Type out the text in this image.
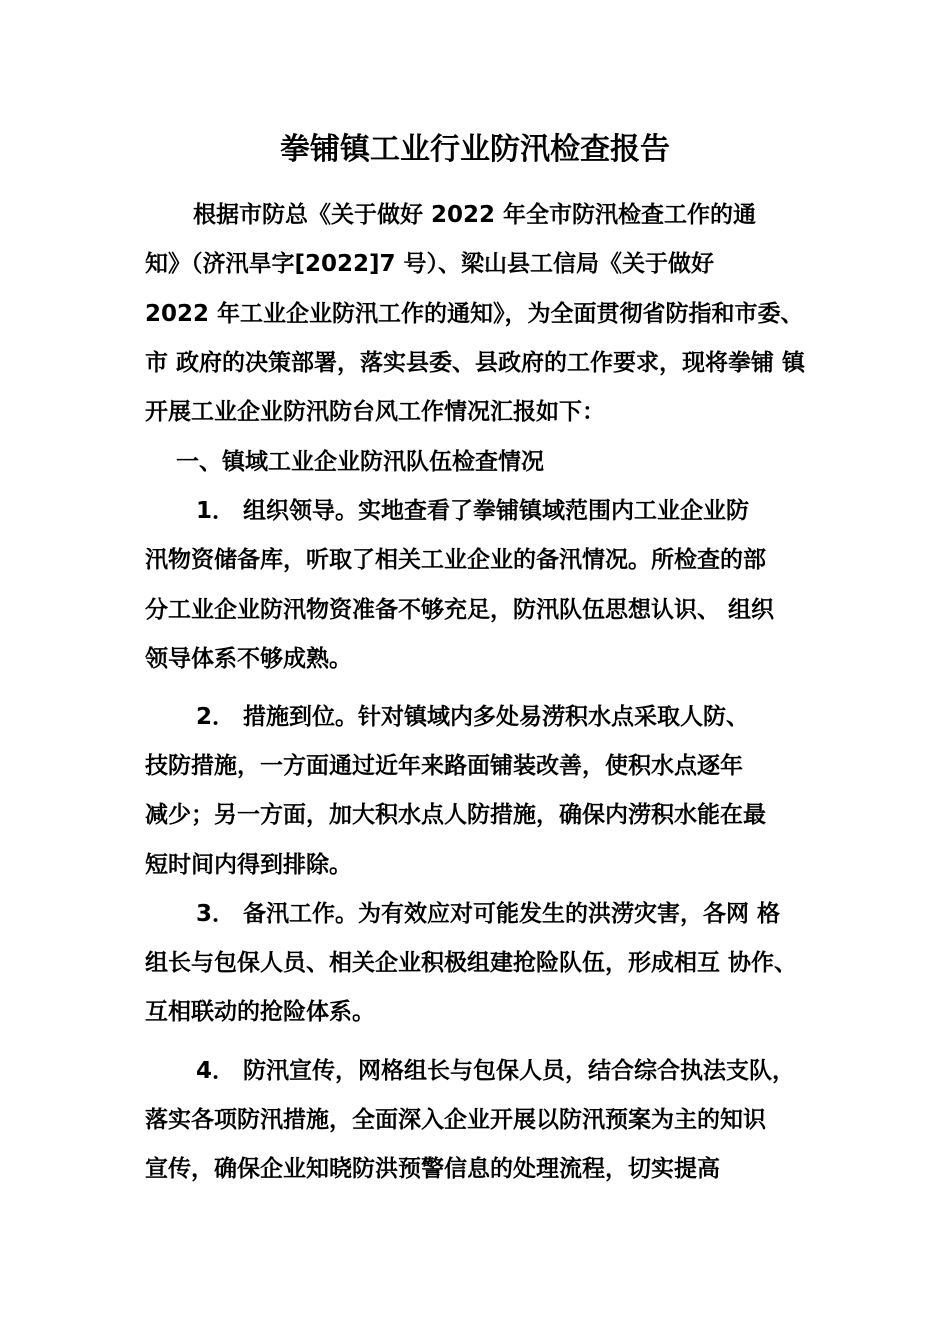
拳铺镇工业行业防汛检查报告
根据市防总《关于做好 2022 年全市防汛检查工作的通
知》（济汛旱字[2022]7 号）、梁山县工信局《关于做好
2022 年工业企业防汛工作的通知》，为全面贯彻省防指和市委、
市 政府的决策部署，落实县委、县政府的工作要求，现将拳铺 镇
开展工业企业防汛防台风工作情况汇报如下：
一、镇域工业企业防汛队伍检查情况
1． 组织领导。实地查看了拳铺镇域范围内工业企业防
汛物资储备库，听取了相关工业企业的备汛情况。所检查的部
分工业企业防汛物资准备不够充足，防汛队伍思想认识、 组织
领导体系不够成熟。
2． 措施到位。针对镇域内多处易涝积水点采取人防、
技防措施，一方面通过近年来路面铺装改善，使积水点逐年
减少；另一方面，加大积水点人防措施，确保内涝积水能在最
短时间内得到排除。
3． 备汛工作。为有效应对可能发生的洪涝灾害，各网 格
组长与包保人员、相关企业积极组建抢险队伍，形成相互 协作、
互相联动的抢险体系。
4． 防汛宣传，网格组长与包保人员，结合综合执法支队，
落实各项防汛措施，全面深入企业开展以防汛预案为主的知识
宣传，确保企业知晓防洪预警信息的处理流程，切实提高
